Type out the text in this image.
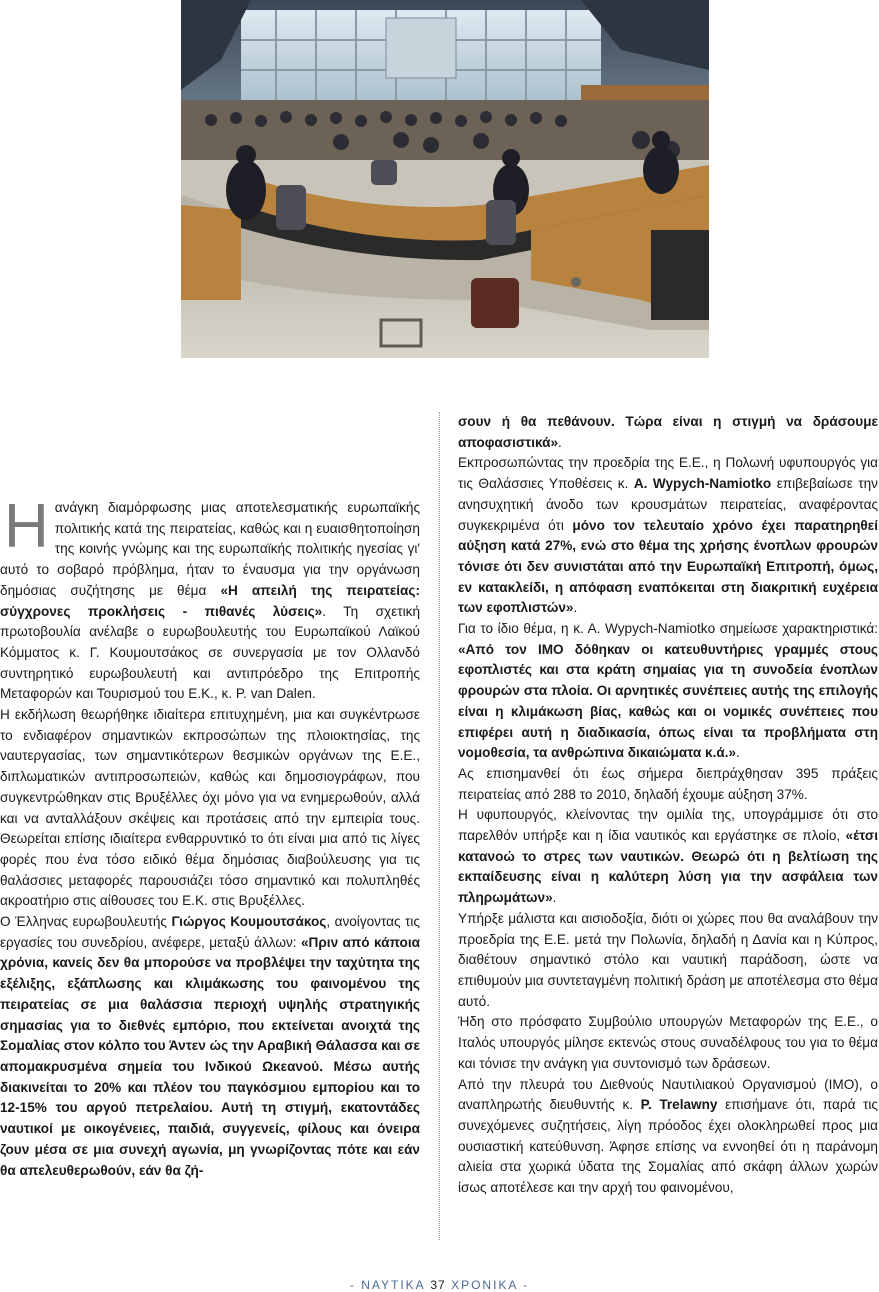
Ηανάγκη διαμόρφωσης μιας αποτελεσματικής ευρωπαϊκής πολιτικής κατά της πειρατείας, καθώς και η ευαισθητοποίηση της κοινής γνώμης και της ευρωπαϊκής πολιτικής ηγεσίας γι' αυτό το σοβαρό πρόβλημα, ήταν το έναυσμα για την οργάνωση δημόσιας συζήτησης με θέμα «Η απειλή της πειρατείας: σύγχρονες προκλήσεις - πιθανές λύσεις». Τη σχετική πρωτοβουλία ανέλαβε ο ευρωβουλευτής του Ευρωπαϊκού Λαϊκού Κόμματος κ. Γ. Κουμουτσάκος σε συνεργασία με τον Ολλανδό συντηρητικό ευρωβουλευτή και αντιπρόεδρο της Επιτροπής Μεταφορών και Τουρισμού του Ε.Κ., κ. Ρ. van Dalen.

Η εκδήλωση θεωρήθηκε ιδιαίτερα επιτυχημένη, μια και συγκέντρωσε το ενδιαφέρον σημαντικών εκπροσώπων της πλοιοκτησίας, της ναυτεργασίας, των σημαντικότερων θεσμικών οργάνων της Ε.Ε., διπλωματικών αντιπροσωπειών, καθώς και δημοσιογράφων, που συγκεντρώθηκαν στις Βρυξέλλες όχι μόνο για να ενημερωθούν, αλλά και να ανταλλάξουν σκέψεις και προτάσεις από την εμπειρία τους. Θεωρείται επίσης ιδιαίτερα ενθαρρυντικό το ότι είναι μια από τις λίγες φορές που ένα τόσο ειδικό θέμα δημόσιας διαβούλευσης για τις θαλάσσιες μεταφορές παρουσιάζει τόσο σημαντικό και πολυπληθές ακροατήριο στις αίθουσες του Ε.Κ. στις Βρυξέλλες.

Ο Έλληνας ευρωβουλευτής Γιώργος Κουμουτσάκος, ανοίγοντας τις εργασίες του συνεδρίου, ανέφερε, μεταξύ άλλων: «Πριν από κάποια χρόνια, κανείς δεν θα μπορούσε να προβλέψει την ταχύτητα της εξέλιξης, εξάπλωσης και κλιμάκωσης του φαινομένου της πειρατείας σε μια θαλάσσια περιοχή υψηλής στρατηγικής σημασίας για το διεθνές εμπόριο, που εκτείνεται ανοιχτά της Σομαλίας στον κόλπο του Άντεν ώς την Αραβική Θάλασσα και σε απομακρυσμένα σημεία του Ινδικού Ωκεανού. Μέσω αυτής διακινείται το 20% και πλέον του παγκόσμιου εμπορίου και το 12-15% του αργού πετρελαίου. Αυτή τη στιγμή, εκατοντάδες ναυτικοί με οικογένειες, παιδιά, συγγενείς, φίλους και όνειρα ζουν μέσα σε μια συνεχή αγωνία, μη γνωρίζοντας πότε και εάν θα απελευθερωθούν, εάν θα ζή-

σουν ή θα πεθάνουν. Τώρα είναι η στιγμή να δράσουμε αποφασιστικά».

Εκπροσωπώντας την προεδρία της Ε.Ε., η Πολωνή υφυπουργός για τις Θαλάσσιες Υποθέσεις κ. A. Wypych-Namiotko επιβεβαίωσε την ανησυχητική άνοδο των κρουσμάτων πειρατείας, αναφέροντας συγκεκριμένα ότι μόνο τον τελευταίο χρόνο έχει παρατηρηθεί αύξηση κατά 27%, ενώ στο θέμα της χρήσης ένοπλων φρουρών τόνισε ότι δεν συνιστάται από την Ευρωπαϊκή Επιτροπή, όμως, εν κατακλείδι, η απόφαση εναπόκειται στη διακριτική ευχέρεια των εφοπλιστών».

Για το ίδιο θέμα, η κ. Α. Wypych-Namiotko σημείωσε χαρακτηριστικά: «Από τον ΙΜΟ δόθηκαν οι κατευθυντήριες γραμμές στους εφοπλιστές και στα κράτη σημαίας για τη συνοδεία ένοπλων φρουρών στα πλοία. Οι αρνητικές συνέπειες αυτής της επιλογής είναι η κλιμάκωση βίας, καθώς και οι νομικές συνέπειες που επιφέρει αυτή η διαδικασία, όπως είναι τα προβλήματα στη νομοθεσία, τα ανθρώπινα δικαιώματα κ.ά.».

Ας επισημανθεί ότι έως σήμερα διεπράχθησαν 395 πράξεις πειρατείας από 288 το 2010, δηλαδή έχουμε αύξηση 37%.

Η υφυπουργός, κλείνοντας την ομιλία της, υπογράμμισε ότι στο παρελθόν υπήρξε και η ίδια ναυτικός και εργάστηκε σε πλοίο, «έτσι κατανοώ το στρες των ναυτικών. Θεωρώ ότι η βελτίωση της εκπαίδευσης είναι η καλύτερη λύση για την ασφάλεια των πληρωμάτων».

Υπήρξε μάλιστα και αισιοδοξία, διότι οι χώρες που θα αναλάβουν την προεδρία της Ε.Ε. μετά την Πολωνία, δηλαδή η Δανία και η Κύπρος, διαθέτουν σημαντικό στόλο και ναυτική παράδοση, ώστε να επιθυμούν μια συντεταγμένη πολιτική δράση με αποτέλεσμα στο θέμα αυτό.

Ήδη στο πρόσφατο Συμβούλιο υπουργών Μεταφορών της Ε.Ε., ο Ιταλός υπουργός μίλησε εκτενώς στους συναδέλφους του για το θέμα και τόνισε την ανάγκη για συντονισμό των δράσεων.

Από την πλευρά του Διεθνούς Ναυτιλιακού Οργανισμού (ΙΜΟ), ο αναπληρωτής διευθυντής κ. P. Trelawny επισήμανε ότι, παρά τις συνεχόμενες συζητήσεις, λίγη πρόοδος έχει ολοκληρωθεί προς μια ουσιαστική κατεύθυνση. Άφησε επίσης να εννοηθεί ότι η παράνομη αλιεία στα χωρικά ύδατα της Σομαλίας από σκάφη άλλων χωρών ίσως αποτέλεσε και την αρχή του φαινομένου,

- ΝΑΥΤΙΚΑ 37 ΧΡΟΝΙΚΑ -
